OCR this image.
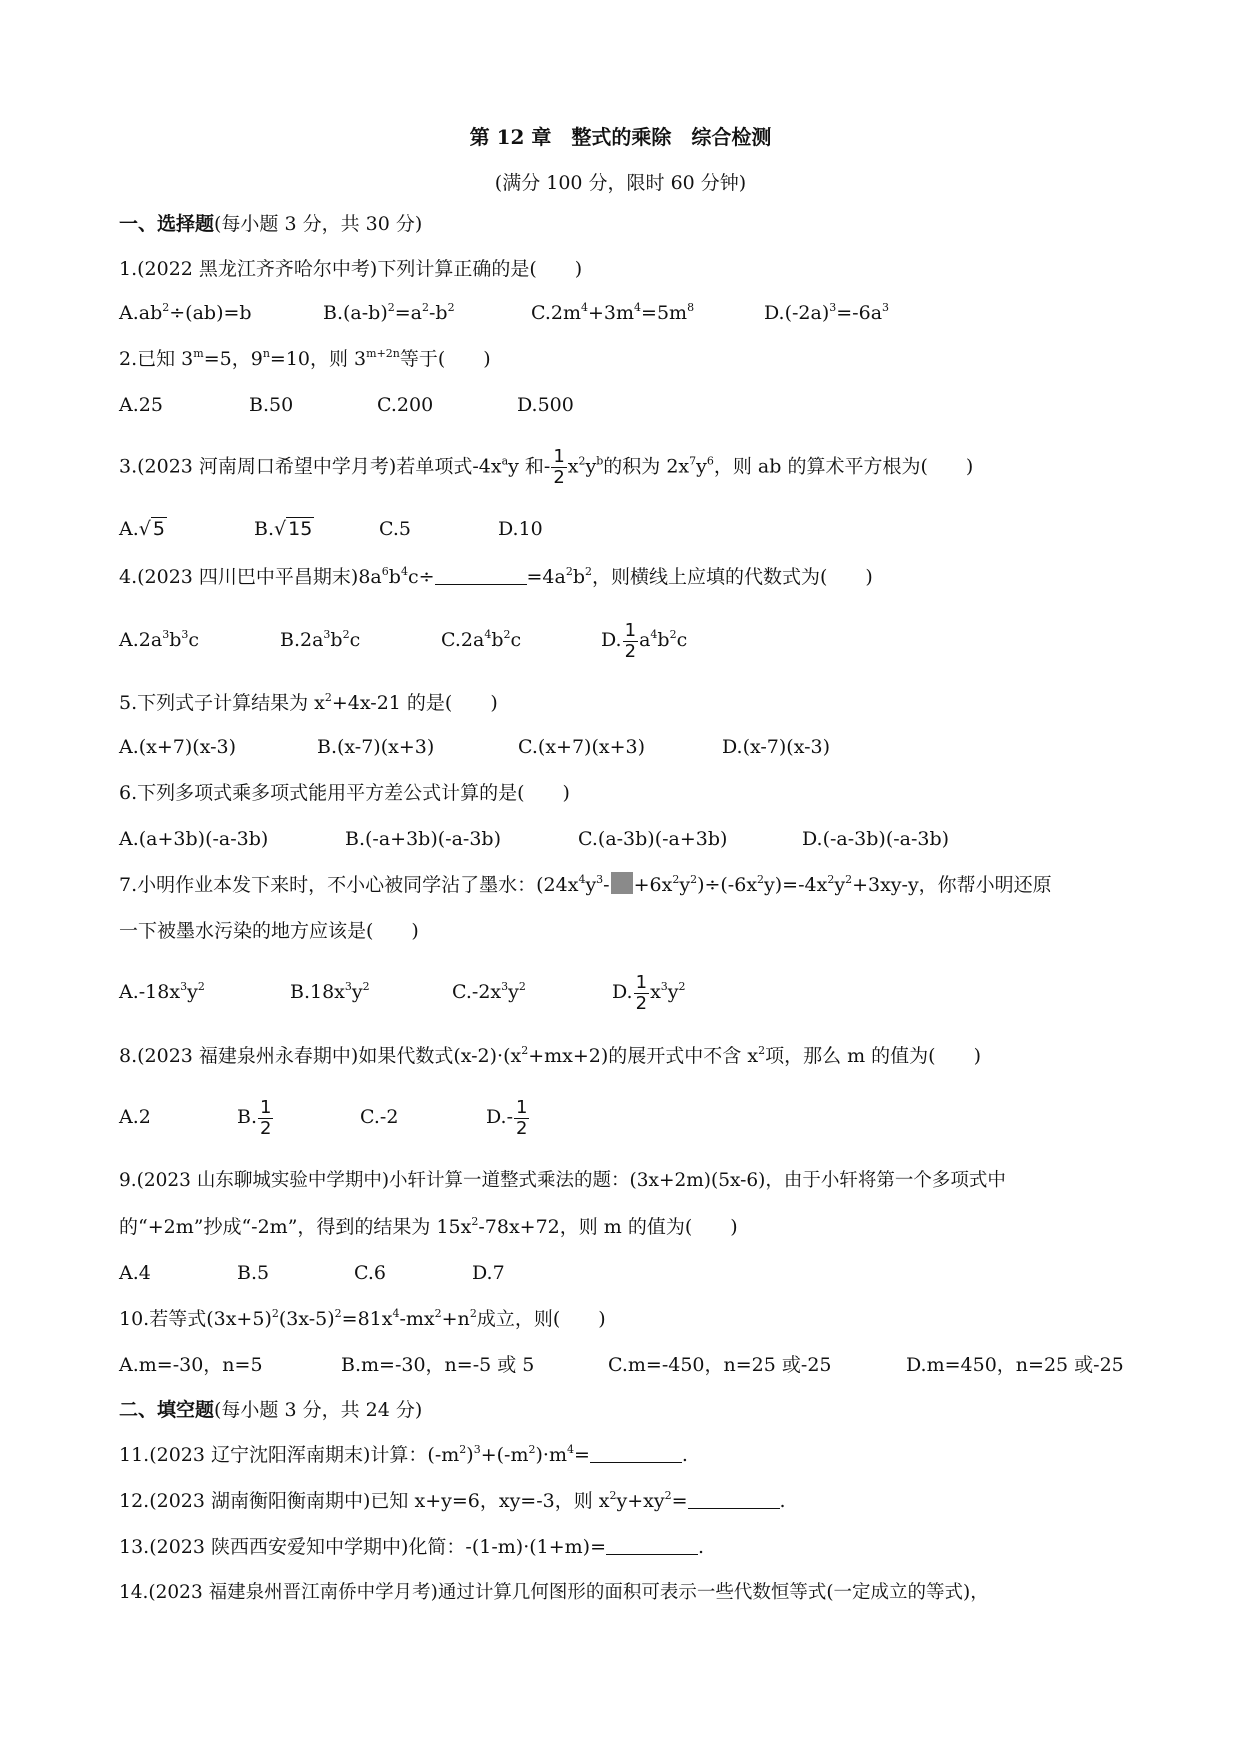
第 12 章　整式的乘除　综合检测
(满分 100 分，限时 60 分钟)
一、选择题(每小题 3 分，共 30 分)
1.(2022 黑龙江齐齐哈尔中考)下列计算正确的是(　　)
$A.ab^2\div(ab)=b$	$B.(a-b)^2=a^2-b^2$	$C.2m^4+3m^4=5m^8$	$D.(-2a)^3=-6a^3$
2.已知 $3^m=5$，$9^n=10$，则 $3^{m+2n}$等于(　　)
A.25	B.50	C.200	D.500
3.(2023 河南周口希望中学月考)若单项式$-4x^ay$ 和- $\frac{1}{2} x^2y^b$的积为 $2x^7y^6$，则 ab 的算术平方根为(　　)
A.√ 5	B.√ 15	C.5	D.10
4.(2023 四川巴中平昌期末)$8a^6b^4c\div$	$=4a^2b^2$，则横线上应填的代数式为(　　)
$A.2a^3b^3c$	$B.2a^3b^2c$	$C.2a^4b^2c$	D. $\frac{1}{2} a^4b^2c$
5.下列式子计算结果为 $x^2+4x-21$ 的是(　　)
A.(x+7)(x-3)	B.(x-7)(x+3)	C.(x+7)(x+3)	D.(x-7)(x-3)
6.下列多项式乘多项式能用平方差公式计算的是(　　)
A.(a+3b)(-a-3b)	B.(-a+3b)(-a-3b)	C.(a-3b)(-a+3b)	D.(-a-3b)(-a-3b)
7.小明作业本发下来时，不小心被同学沾了墨水：$(24x^4y^3- +6x^2y^2)\div(-6x^2y)=-4x^2y^2+3xy-y$，你帮小明还原
一下被墨水污染的地方应该是(　　)
$A.-18x^3y^2$	$B.18x^3y^2$	$C.-2x^3y^2$	D. $\frac{1}{2} x^3y^2$
8.(2023 福建泉州永春期中)如果代数式$(x-2)\cdot(x^2+mx+2)$的展开式中不含 $x^2$项，那么 m 的值为(　　)
A.2	B. $\frac{1}{2}$	C.-2	$D.- \frac{1}{2}$
9.(2023 山东聊城实验中学期中)小轩计算一道整式乘法的题：(3x+2m)(5x-6)，由于小轩将第一个多项式中
的“+2m”抄成“-2m”，得到的结果为 $15x^2-78x+72$，则 m 的值为(　　)
A.4	B.5	C.6	D.7
10.若等式$(3x+5)^2(3x-5)^2=81x^4-mx^2+n^2$成立，则(　　)
A.m=-30，n=5	B.m=-30，n=-5 或 5	C.m=-450，n=25 或-25	D.m=450，n=25 或-25
二、填空题(每小题 3 分，共 24 分)
11.(2023 辽宁沈阳浑南期末)计算：$(-m^2)^3+(-m^2)\cdot m^4=$	.
12.(2023 湖南衡阳衡南期中)已知 x+y=6，xy=-3，则 $x^2y+xy^2=$	.
13.(2023 陕西西安爱知中学期中)化简：-(1-m)·(1+m)=	.
14.(2023 福建泉州晋江南侨中学月考)通过计算几何图形的面积可表示一些代数恒等式(一定成立的等式)，
